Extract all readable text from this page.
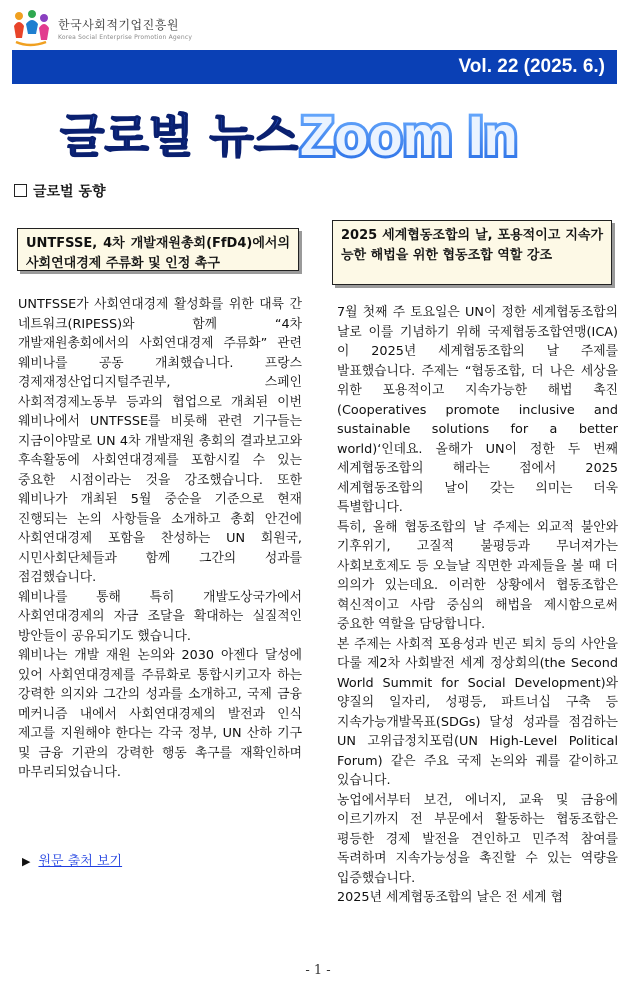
한국사회적기업진흥원
Korea Social Enterprise Promotion Agency
Vol. 22 (2025. 6.)
글로벌 뉴스 Zoom In
글로벌 동향
UNTFSSE, 4차 개발재원총회(FfD4)에서의 사회연대경제 주류화 및 인정 촉구

UNTFSSE가 사회연대경제 활성화를 위한 대륙 간 네트워크(RIPESS)와 함께 “4차 개발재원총회에서의 사회연대경제 주류화” 관련 웨비나를 공동 개최했습니다. 프랑스 경제재정산업디지털주권부, 스페인 사회적경제노동부 등과의 협업으로 개최된 이번 웨비나에서 UNTFSSE를 비롯해 관련 기구들는 지금이야말로 UN 4차 개발재원 총회의 결과보고와 후속활동에 사회연대경제를 포함시킬 수 있는 중요한 시점이라는 것을 강조했습니다. 또한 웨비나가 개최된 5월 중순을 기준으로 현재 진행되는 논의 사항들을 소개하고 총회 안건에 사회연대경제 포함을 찬성하는 UN 회원국, 시민사회단체들과 함께 그간의 성과를 점검했습니다.

웨비나를 통해 특히 개발도상국가에서 사회연대경제의 자금 조달을 확대하는 실질적인 방안들이 공유되기도 했습니다.

웨비나는 개발 재원 논의와 2030 아젠다 달성에 있어 사회연대경제를 주류화로 통합시키고자 하는 강력한 의지와 그간의 성과를 소개하고, 국제 금융 메커니즘 내에서 사회연대경제의 발전과 인식 제고를 지원해야 한다는 각국 정부, UN 산하 기구 및 금융 기관의 강력한 행동 촉구를 재확인하며 마무리되었습니다.

▶ 원문 출처 보기
2025 세계협동조합의 날, 포용적이고 지속가능한 해법을 위한 협동조합 역할 강조

7월 첫째 주 토요일은 UN이 정한 세계협동조합의 날로 이를 기념하기 위해 국제협동조합연맹(ICA)이 2025년 세계협동조합의 날 주제를 발표했습니다. 주제는 “협동조합, 더 나은 세상을 위한 포용적이고 지속가능한 해법 촉진(Cooperatives promote inclusive and sustainable solutions for a better world)‘인데요. 올해가 UN이 정한 두 번째 세계협동조합의 해라는 점에서 2025 세계협동조합의 날이 갖는 의미는 더욱 특별합니다.

특히, 올해 협동조합의 날 주제는 외교적 불안와 기후위기, 고질적 불평등과 무너져가는 사회보호제도 등 오늘날 직면한 과제들을 볼 때 더 의의가 있는데요. 이러한 상황에서 협동조합은 혁신적이고 사람 중심의 해법을 제시함으로써 중요한 역할을 담당합니다.

본 주제는 사회적 포용성과 빈곤 퇴치 등의 사안을 다룰 제2차 사회발전 세계 정상회의(the Second World Summit for Social Development)와 양질의 일자리, 성평등, 파트너십 구축 등 지속가능개발목표(SDGs) 달성 성과를 점검하는 UN 고위급정치포럼(UN High-Level Political Forum) 같은 주요 국제 논의와 궤를 같이하고 있습니다.

농업에서부터 보건, 에너지, 교육 및 금융에 이르기까지 전 부문에서 활동하는 협동조합은 평등한 경제 발전을 견인하고 민주적 참여를 독려하며 지속가능성을 촉진할 수 있는 역량을 입증했습니다.

2025년 세계협동조합의 날은 전 세계 협

- 1 -
